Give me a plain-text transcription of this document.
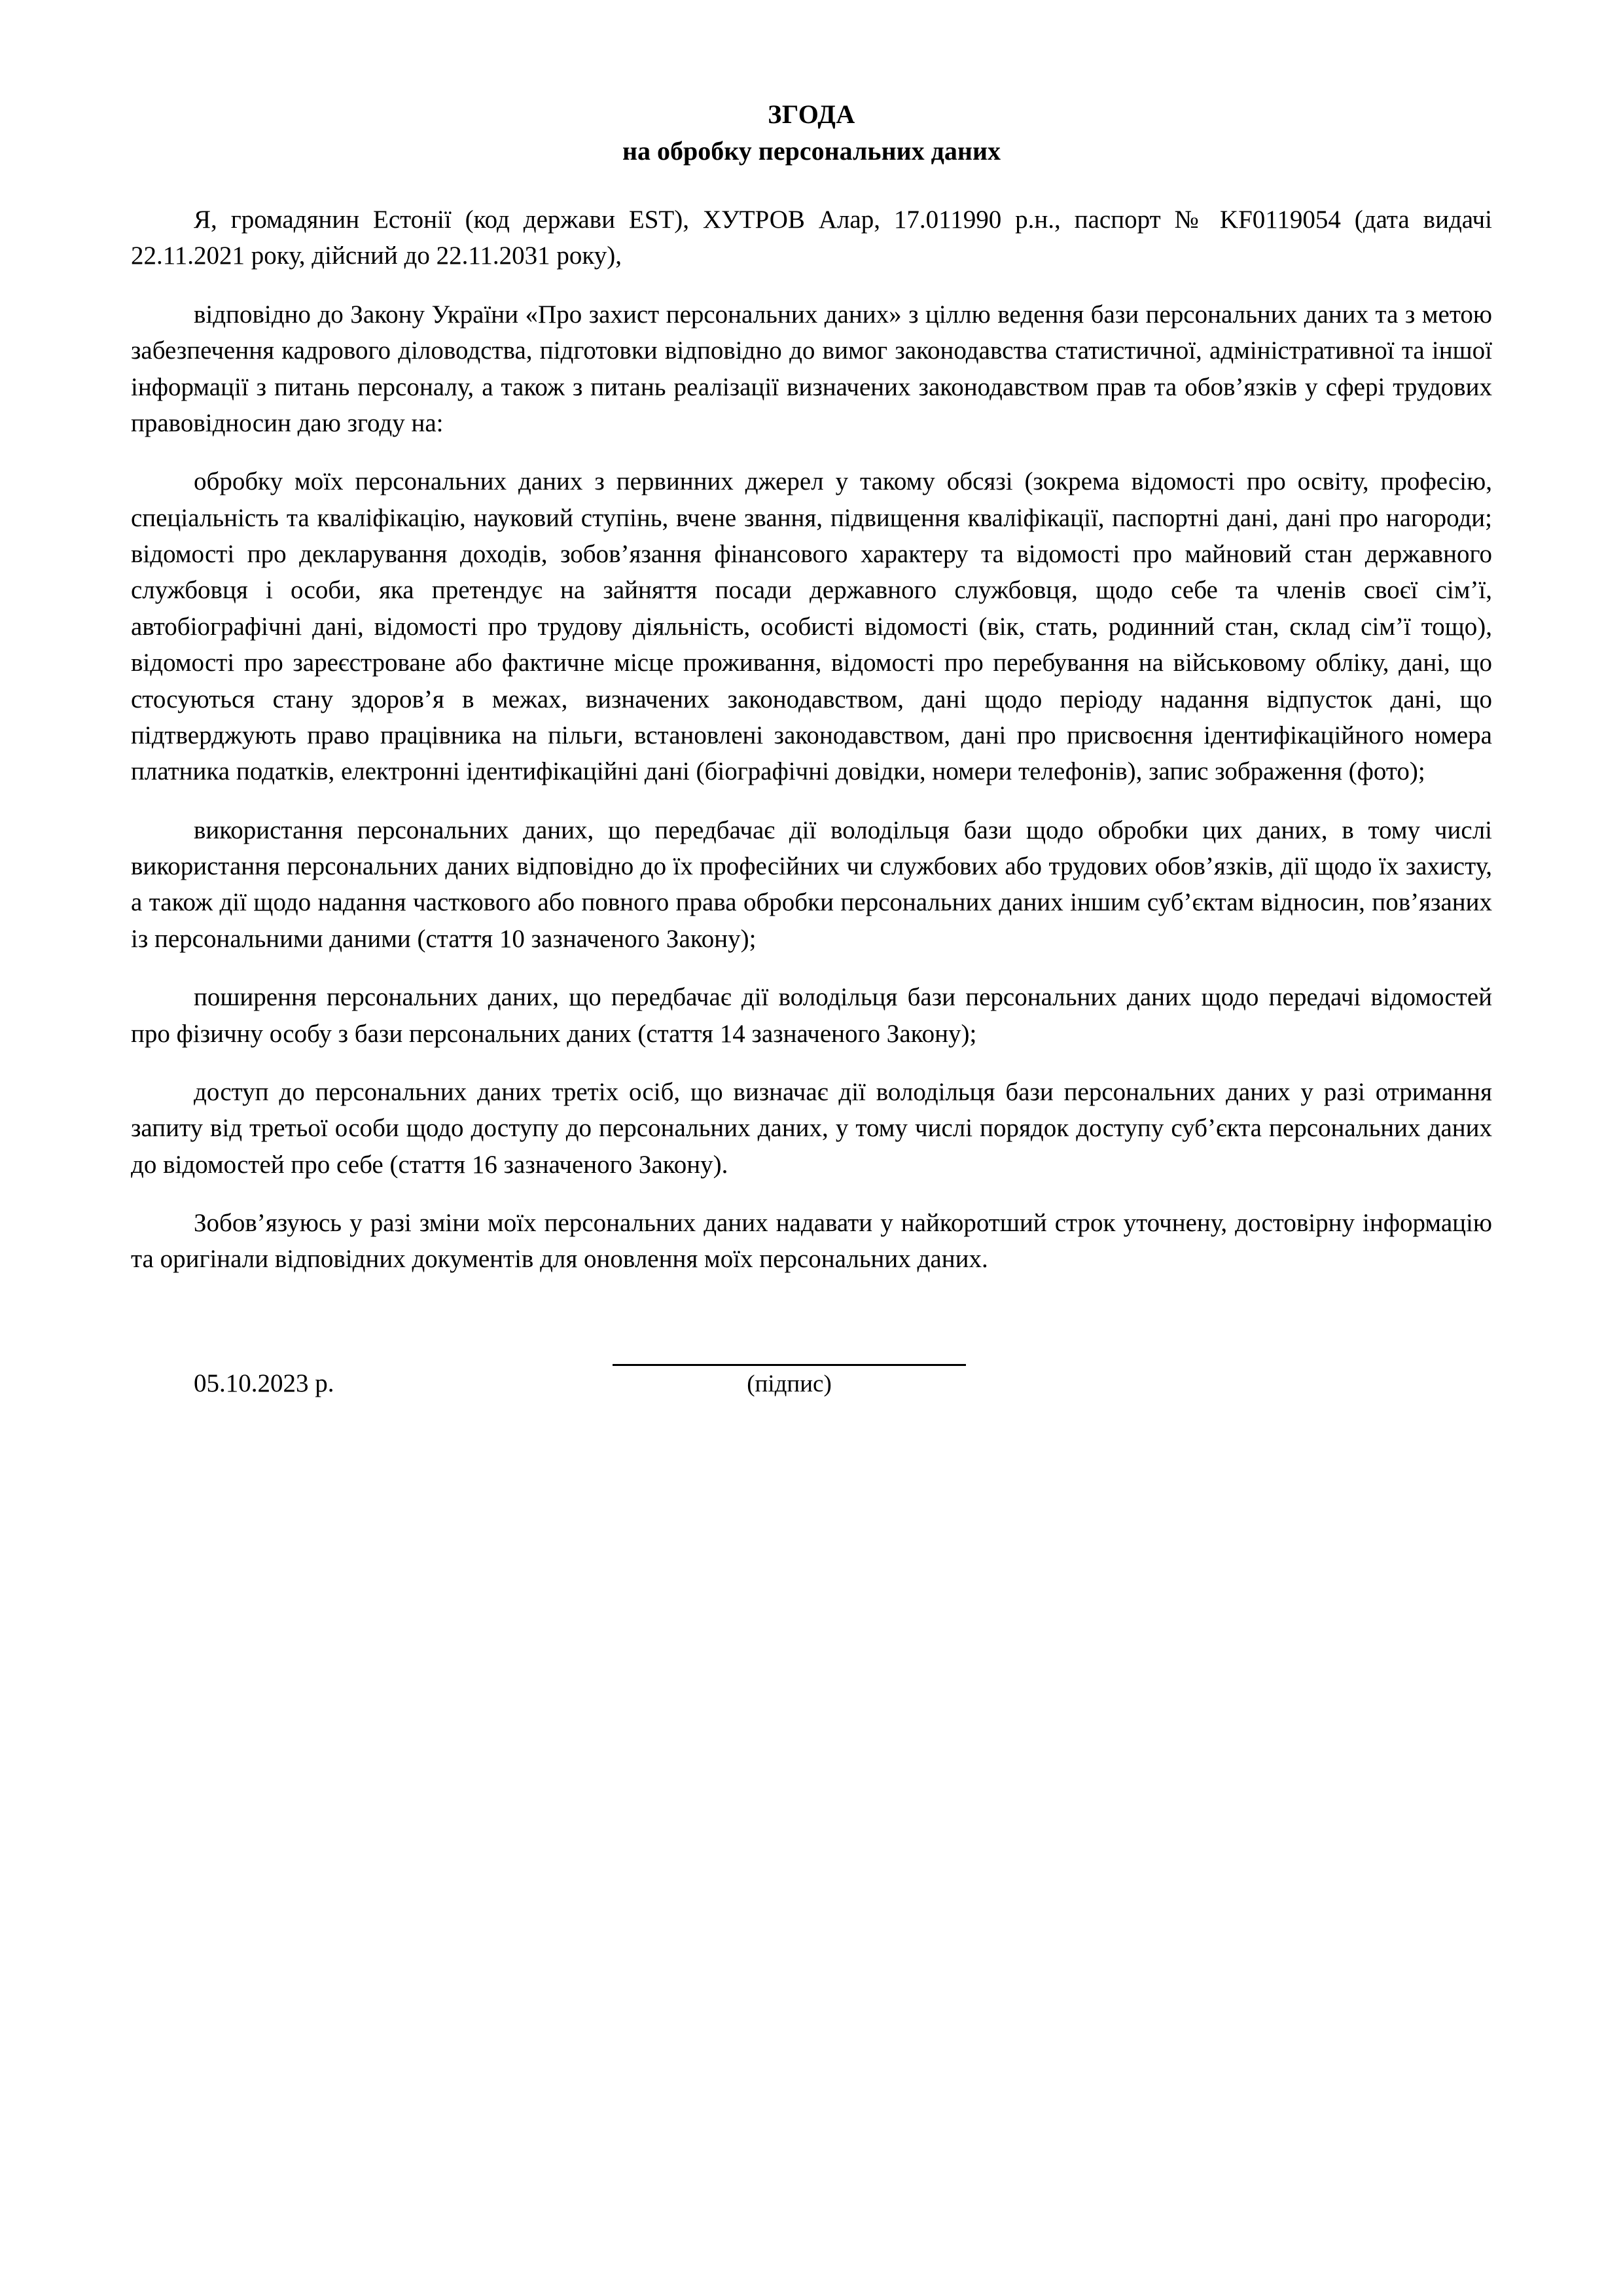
ЗГОДА
на обробку персональних даних

Я, громадянин Естонії (код держави EST), ХУТРОВ Алар, 17.011990 р.н., паспорт № KF0119054 (дата видачі 22.11.2021 року, дійсний до 22.11.2031 року),

відповідно до Закону України «Про захист персональних даних» з ціллю ведення бази персональних даних та з метою забезпечення кадрового діловодства, підготовки відповідно до вимог законодавства статистичної, адміністративної та іншої інформації з питань персоналу, а також з питань реалізації визначених законодавством прав та обов’язків у сфері трудових правовідносин даю згоду на:

обробку моїх персональних даних з первинних джерел у такому обсязі (зокрема відомості про освіту, професію, спеціальність та кваліфікацію, науковий ступінь, вчене звання, підвищення кваліфікації, паспортні дані, дані про нагороди; відомості про декларування доходів, зобов’язання фінансового характеру та відомості про майновий стан державного службовця і особи, яка претендує на зайняття посади державного службовця, щодо себе та членів своєї сім’ї, автобіографічні дані, відомості про трудову діяльність, особисті відомості (вік, стать, родинний стан, склад сім’ї тощо), відомості про зареєстроване або фактичне місце проживання, відомості про перебування на військовому обліку, дані, що стосуються стану здоров’я в межах, визначених законодавством, дані щодо періоду надання відпусток дані, що підтверджують право працівника на пільги, встановлені законодавством, дані про присвоєння ідентифікаційного номера платника податків, електронні ідентифікаційні дані (біографічні довідки, номери телефонів), запис зображення (фото);

використання персональних даних, що передбачає дії володільця бази щодо обробки цих даних, в тому числі використання персональних даних відповідно до їх професійних чи службових або трудових обов’язків, дії щодо їх захисту, а також дії щодо надання часткового або повного права обробки персональних даних іншим суб’єктам відносин, пов’язаних із персональними даними (стаття 10 зазначеного Закону);

поширення персональних даних, що передбачає дії володільця бази персональних даних щодо передачі відомостей про фізичну особу з бази персональних даних (стаття 14 зазначеного Закону);

доступ до персональних даних третіх осіб, що визначає дії володільця бази персональних даних у разі отримання запиту від третьої особи щодо доступу до персональних даних, у тому числі порядок доступу суб’єкта персональних даних до відомостей про себе (стаття 16 зазначеного Закону).

Зобов’язуюсь у разі зміни моїх персональних даних надавати у найкоротший строк уточнену, достовірну інформацію та оригінали відповідних документів для оновлення моїх персональних даних.

05.10.2023 р.	(підпис)
